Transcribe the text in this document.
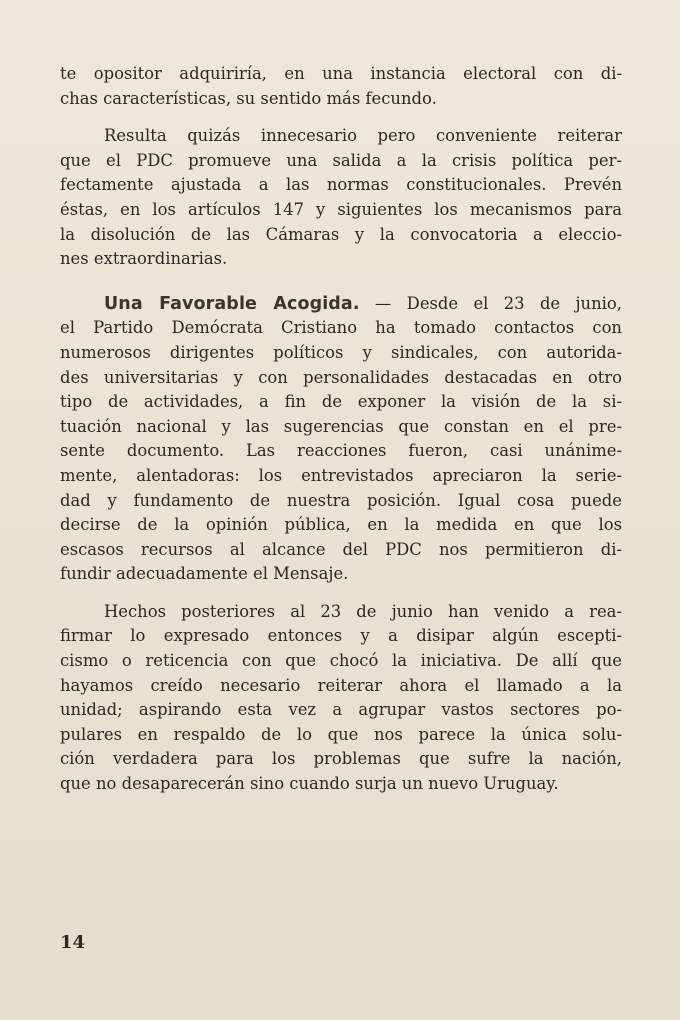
te opositor adquiriría, en una instancia electoral con di-
chas características, su sentido más fecundo.
Resulta quizás innecesario pero conveniente reiterar
que el PDC promueve una salida a la crisis política per-
fectamente ajustada a las normas constitucionales. Prevén
éstas, en los artículos 147 y siguientes los mecanismos para
la disolución de las Cámaras y la convocatoria a eleccio-
nes extraordinarias.
Una Favorable Acogida. — Desde el 23 de junio,
el Partido Demócrata Cristiano ha tomado contactos con
numerosos dirigentes políticos y sindicales, con autorida-
des universitarias y con personalidades destacadas en otro
tipo de actividades, a fin de exponer la visión de la si-
tuación nacional y las sugerencias que constan en el pre-
sente documento. Las reacciones fueron, casi unánime-
mente, alentadoras: los entrevistados apreciaron la serie-
dad y fundamento de nuestra posición. Igual cosa puede
decirse de la opinión pública, en la medida en que los
escasos recursos al alcance del PDC nos permitieron di-
fundir adecuadamente el Mensaje.
Hechos posteriores al 23 de junio han venido a rea-
firmar lo expresado entonces y a disipar algún escepti-
cismo o reticencia con que chocó la iniciativa. De allí que
hayamos creído necesario reiterar ahora el llamado a la
unidad; aspirando esta vez a agrupar vastos sectores po-
pulares en respaldo de lo que nos parece la única solu-
ción verdadera para los problemas que sufre la nación,
que no desaparecerán sino cuando surja un nuevo Uruguay.
14
